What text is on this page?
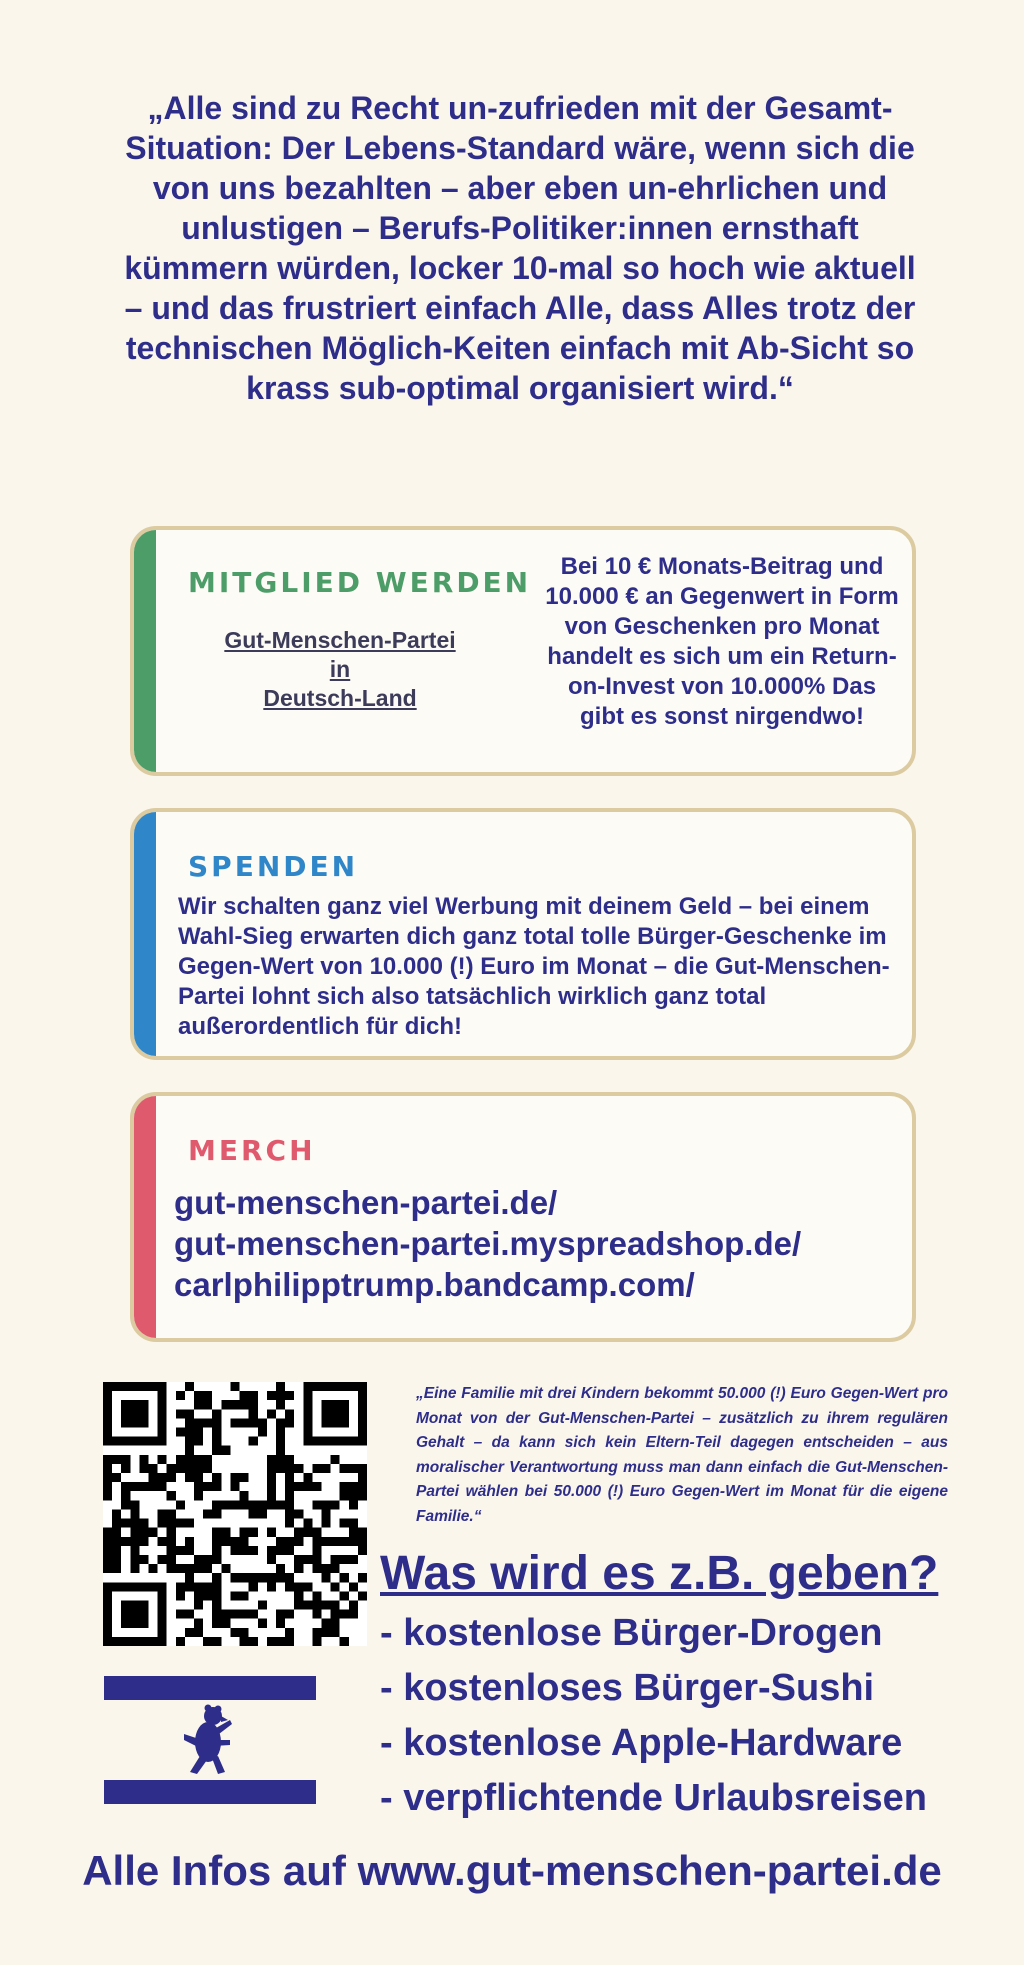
„Alle sind zu Recht un-zufrieden mit der Gesamt-Situation: Der Lebens-Standard wäre, wenn sich die von uns bezahlten – aber eben un-ehrlichen und unlustigen – Berufs-Politiker:innen ernsthaft kümmern würden, locker 10-mal so hoch wie aktuell – und das frustriert einfach Alle, dass Alles trotz der technischen Möglich-Keiten einfach mit Ab-Sicht so krass sub-optimal organisiert wird.“
MITGLIED WERDEN
Gut-Menschen-Partei
in
Deutsch-Land
Bei 10 € Monats-Beitrag und 10.000 € an Gegenwert in Form von Geschenken pro Monat handelt es sich um ein Return-on-Invest von 10.000% Das gibt es sonst nirgendwo!
SPENDEN
Wir schalten ganz viel Werbung mit deinem Geld – bei einem Wahl-Sieg erwarten dich ganz total tolle Bürger-Geschenke im Gegen-Wert von 10.000 (!) Euro im Monat – die Gut-Menschen-Partei lohnt sich also tatsächlich wirklich ganz total außerordentlich für dich!
MERCH
gut-menschen-partei.de/
gut-menschen-partei.myspreadshop.de/
carlphilipptrump.bandcamp.com/
„Eine Familie mit drei Kindern bekommt 50.000 (!) Euro Gegen-Wert pro Monat von der Gut-Menschen-Partei – zusätzlich zu ihrem regulären Gehalt – da kann sich kein Eltern-Teil dagegen entscheiden – aus moralischer Verantwortung muss man dann einfach die Gut-Menschen-Partei wählen bei 50.000 (!) Euro Gegen-Wert im Monat für die eigene Familie.“
Was wird es z.B. geben?
- kostenlose Bürger-Drogen
- kostenloses Bürger-Sushi
- kostenlose Apple-Hardware
- verpflichtende Urlaubsreisen
Alle Infos auf www.gut-menschen-partei.de
